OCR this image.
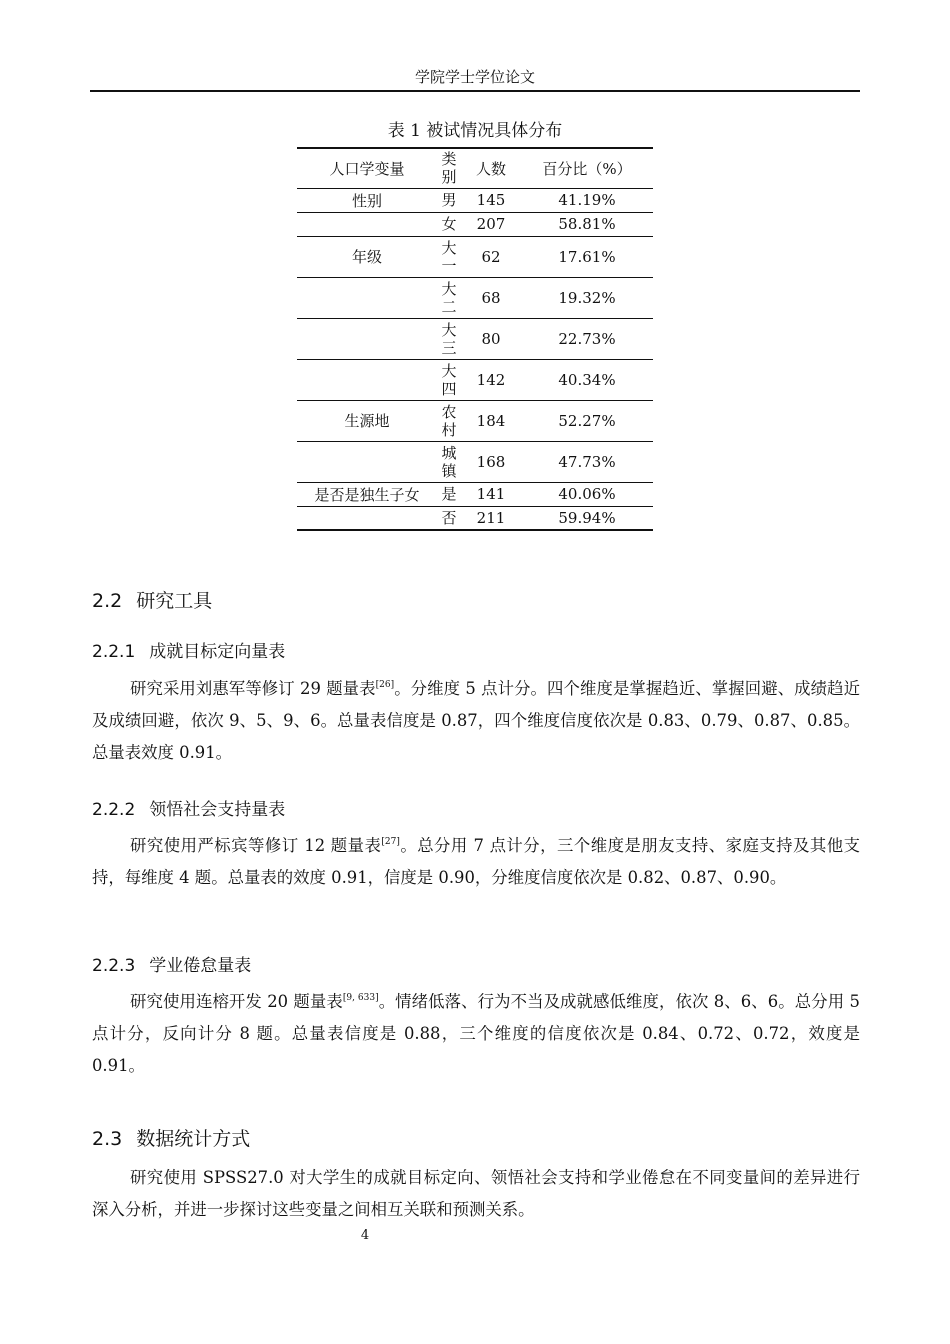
学院学士学位论文
表 1 被试情况具体分布
人口学变量	类别	人数	百分比（%）
性别	男	145	41.19%
	女	207	58.81%
年级	大一	62	17.61%
	大二	68	19.32%
	大三	80	22.73%
	大四	142	40.34%
生源地	农村	184	52.27%
	城镇	168	47.73%
是否是独生子女	是	141	40.06%
	否	211	59.94%
2.2 研究工具
2.2.1 成就目标定向量表
研究采用刘惠军等修订 29 题量表[26]。分维度 5 点计分。四个维度是掌握趋近、掌握回避、成绩趋近及成绩回避，依次 9、5、9、6。总量表信度是 0.87，四个维度信度依次是 0.83、0.79、0.87、0.85。总量表效度 0.91。
2.2.2 领悟社会支持量表
研究使用严标宾等修订 12 题量表[27]。总分用 7 点计分，三个维度是朋友支持、家庭支持及其他支持，每维度 4 题。总量表的效度 0.91，信度是 0.90，分维度信度依次是 0.82、0.87、0.90。
2.2.3 学业倦怠量表
研究使用连榕开发 20 题量表[9, 633]。情绪低落、行为不当及成就感低维度，依次 8、6、6。总分用 5 点计分，反向计分 8 题。总量表信度是 0.88，三个维度的信度依次是 0.84、0.72、0.72，效度是 0.91。
2.3 数据统计方式
研究使用 SPSS27.0 对大学生的成就目标定向、领悟社会支持和学业倦怠在不同变量间的差异进行深入分析，并进一步探讨这些变量之间相互关联和预测关系。
4
